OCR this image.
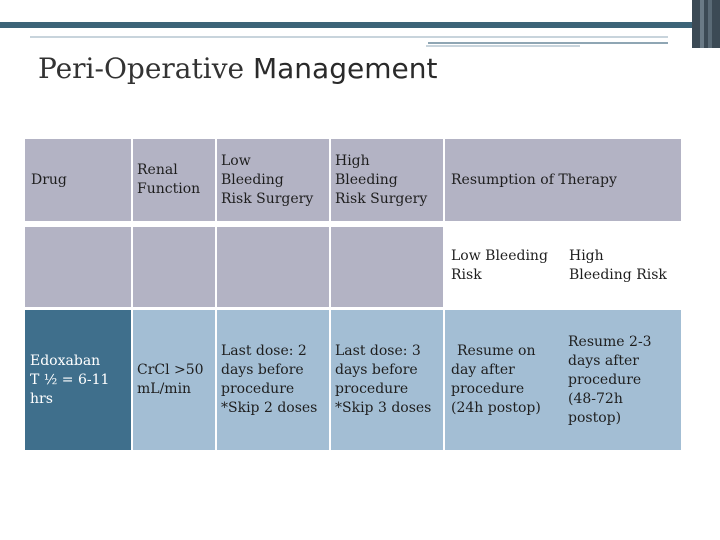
Peri-Operative Management
Drug
Renal
Function
Low
Bleeding
Risk Surgery
High
Bleeding
Risk Surgery
Resumption of Therapy
Low Bleeding
Risk
High
Bleeding Risk
Edoxaban
T ½ = 6-11
hrs
CrCl >50
mL/min
Last dose: 2
days before
procedure
*Skip 2 doses
Last dose: 3
days before
procedure
*Skip 3 doses
Resume on
day after
procedure
(24h postop)
Resume 2-3
days after
procedure
(48-72h
postop)
